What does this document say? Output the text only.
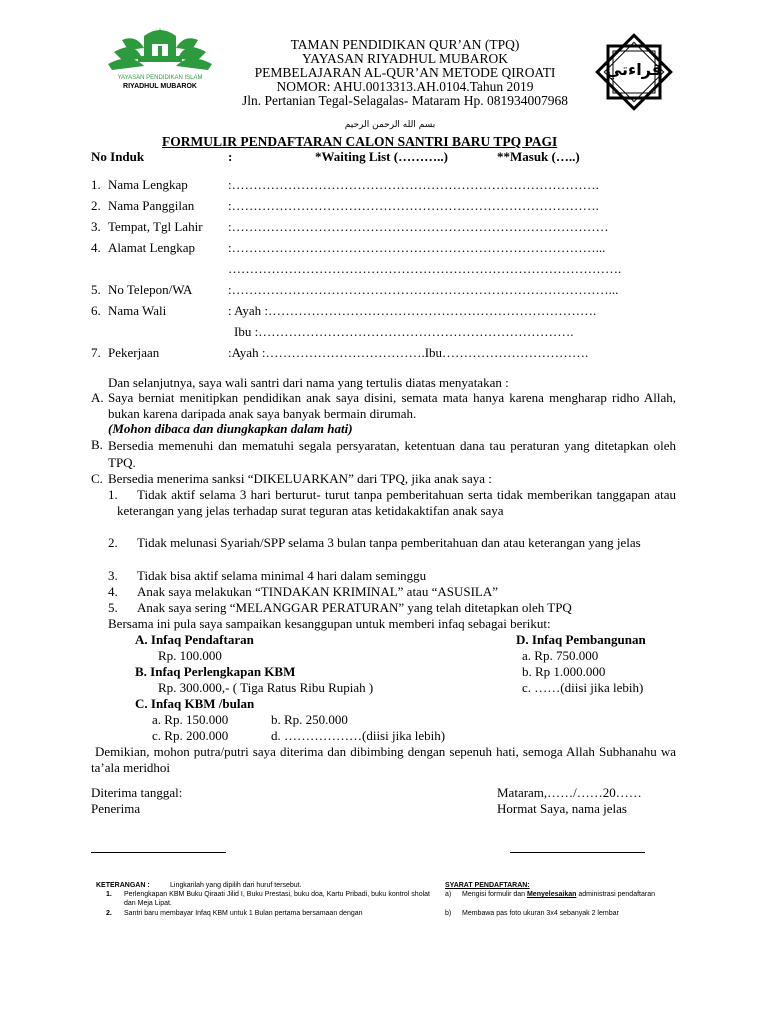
YAYASAN PENDIDIKAN ISLAM
RIYADHUL MUBAROK
TAMAN PENDIDIKAN QUR’AN (TPQ)
YAYASAN RIYADHUL MUBAROK
PEMBELAJARAN AL-QUR’AN METODE QIROATI
NOMOR: AHU.0013313.AH.0104.Tahun 2019
Jln. Pertanian Tegal-Selagalas- Mataram Hp. 081934007968
قراءتي
بسم الله الرحمن الرحيم
FORMULIR PENDAFTARAN CALON SANTRI BARU TPQ PAGI
No Induk	:	*Waiting List (………..)	**Masuk (…..)
1. Nama Lengkap	:………………………………………………………………………….
2. Nama Panggilan	:………………………………………………………………………….
3. Tempat, Tgl Lahir :……………………………………………………………………………
4. Alamat Lengkap	:…………………………………………………………………………...
……………………………………………………………………………….
5. No Telepon/WA	:……………………………………………………………………………...
6. Nama Wali	: Ayah :………………………………………………………………….
Ibu :……………………………………………………………….
7. Pekerjaan	:Ayah :……………………………….Ibu…………………………….
Dan selanjutnya, saya wali santri dari nama yang tertulis diatas menyatakan :
A. Saya berniat menitipkan pendidikan anak saya disini, semata mata hanya karena mengharap ridho Allah, bukan karena daripada anak saya banyak bermain dirumah.
(Mohon dibaca dan diungkapkan dalam hati)
B. Bersedia memenuhi dan mematuhi segala persyaratan, ketentuan dana tau peraturan yang ditetapkan oleh TPQ.
C. Bersedia menerima sanksi “DIKELUARKAN” dari TPQ, jika anak saya :
1.	Tidak aktif selama 3 hari berturut- turut tanpa pemberitahuan serta tidak memberikan tanggapan atau keterangan yang jelas terhadap surat teguran atas ketidakaktifan anak saya
2.	Tidak melunasi Syariah/SPP selama 3 bulan tanpa pemberitahuan dan atau keterangan yang jelas
3. Tidak bisa aktif selama minimal 4 hari dalam seminggu
4. Anak saya melakukan “TINDAKAN KRIMINAL” atau “ASUSILA”
5. Anak saya sering “MELANGGAR PERATURAN” yang telah ditetapkan oleh TPQ
Bersama ini pula saya sampaikan kesanggupan untuk memberi infaq sebagai berikut:
A. Infaq Pendaftaran
Rp. 100.000
B. Infaq Perlengkapan KBM
Rp. 300.000,- ( Tiga Ratus Ribu Rupiah )
C. Infaq KBM /bulan
a. Rp. 150.000	b. Rp. 250.000
c. Rp. 200.000	d. ………………(diisi jika lebih)
D. Infaq Pembangunan
a. Rp. 750.000
b. Rp 1.000.000
c. ……(diisi jika lebih)
Demikian, mohon putra/putri saya diterima dan dibimbing dengan sepenuh hati, semoga Allah Subhanahu wa ta’ala meridhoi
Diterima tanggal:
Penerima
Mataram,……/……20……
Hormat Saya, nama jelas
KETERANGAN :	Lingkarilah yang dipilih dari huruf tersebut.
1. Perlengkapan KBM Buku Qiraati Jilid I, Buku Prestasi, buku doa, Kartu Pribadi, buku kontrol sholat dan Meja Lipat.
2. Santri baru membayar Infaq KBM untuk 1 Bulan pertama bersamaan dengan
SYARAT PENDAFTARAN:
a) Mengisi formulir dan Menyelesaikan administrasi pendaftaran
b) Membawa pas foto ukuran 3x4 sebanyak 2 lembar
